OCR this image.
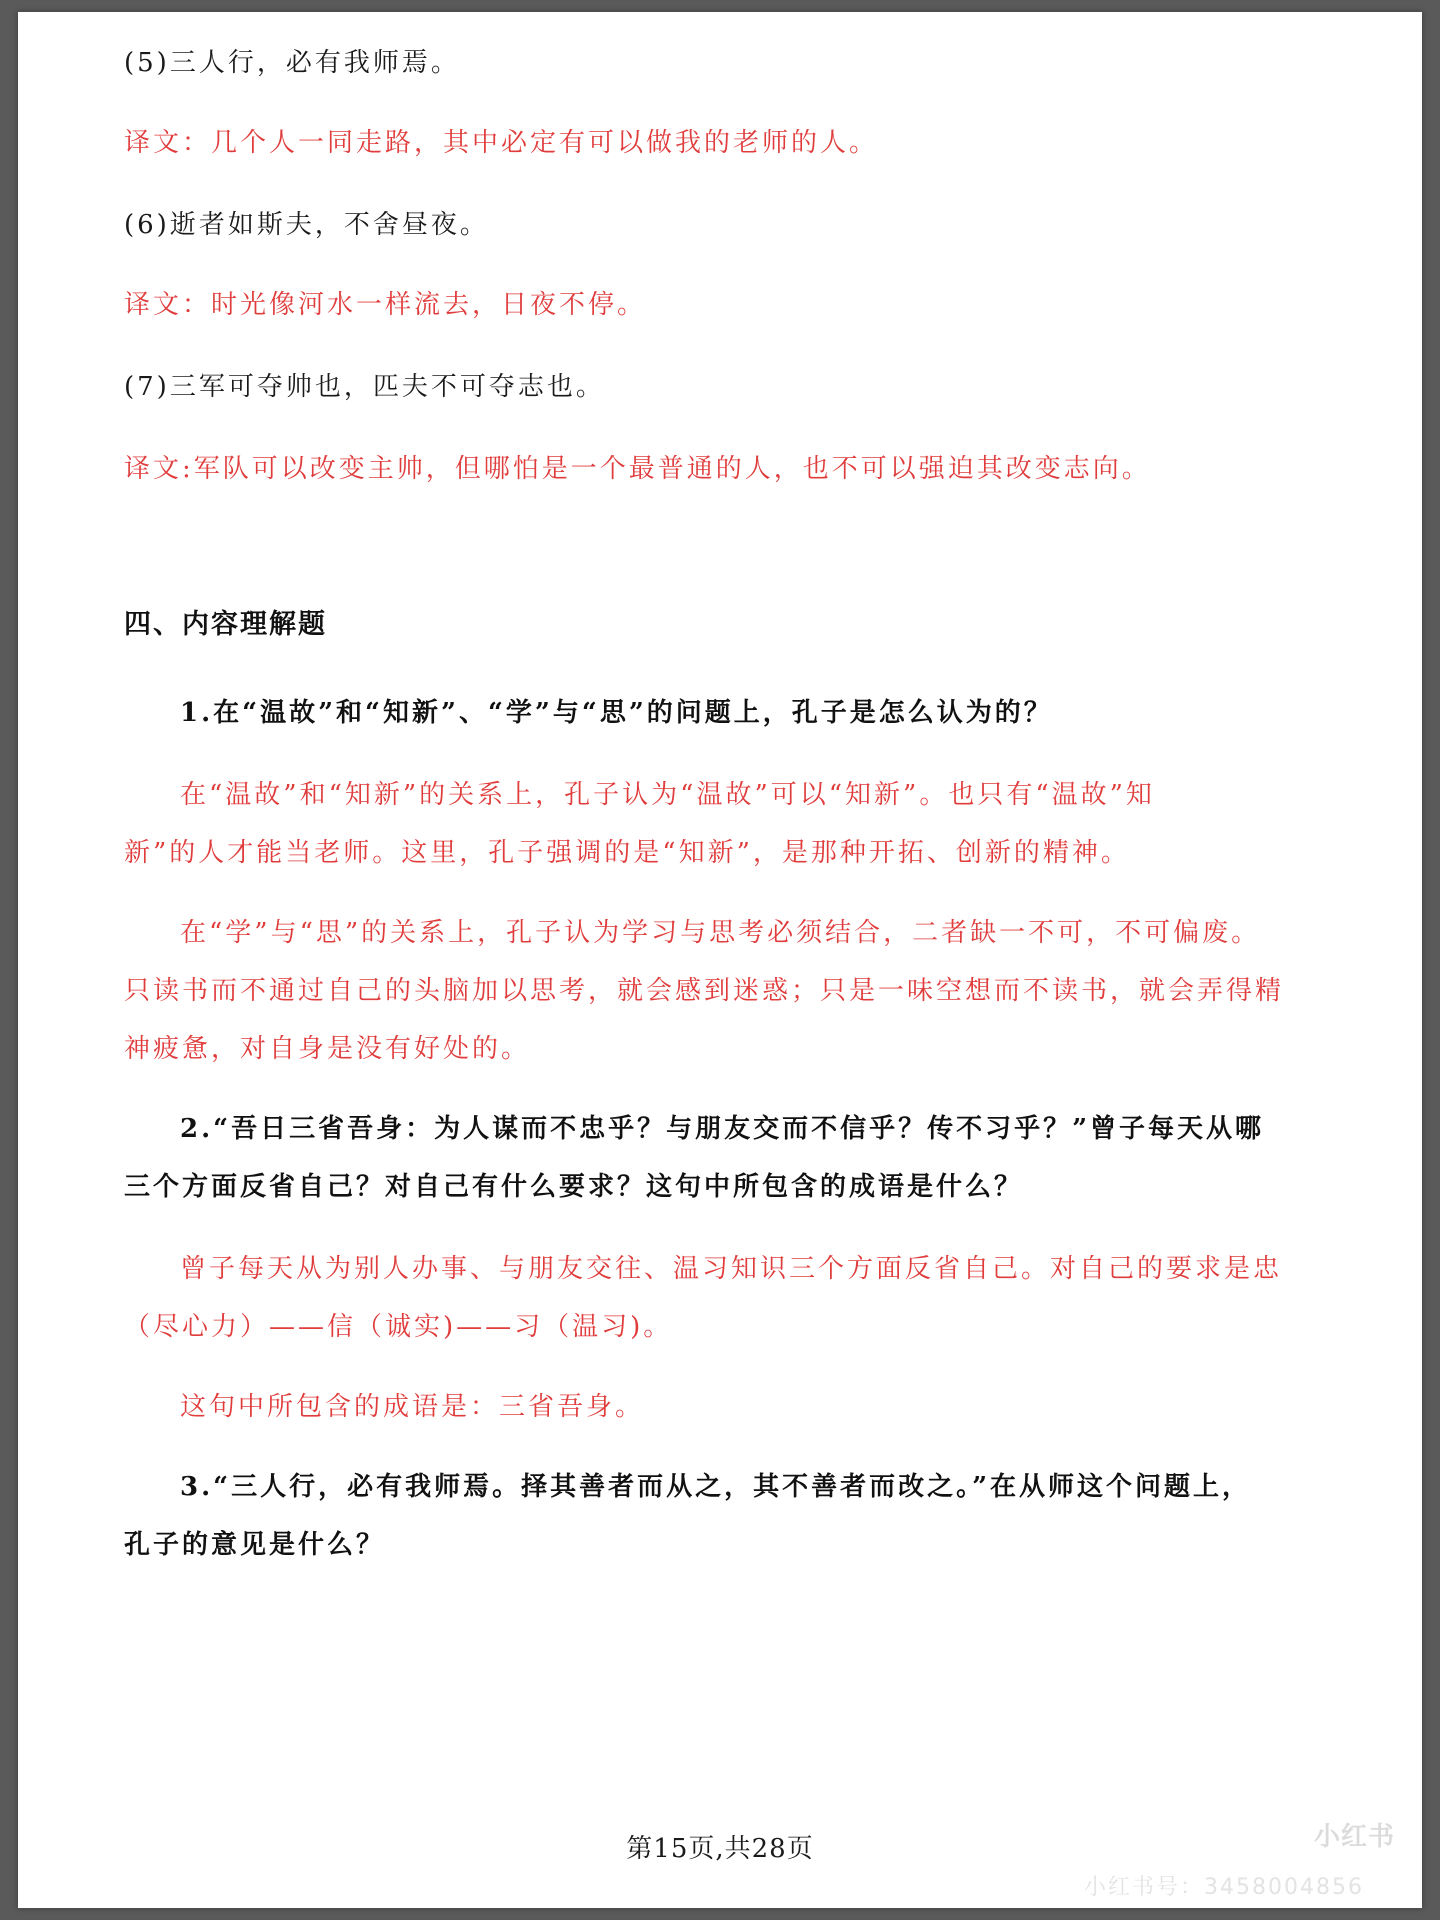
(5)三人行，必有我师焉。
译文：几个人一同走路，其中必定有可以做我的老师的人。
(6)逝者如斯夫，不舍昼夜。
译文：时光像河水一样流去，日夜不停。
(7)三军可夺帅也，匹夫不可夺志也。
译文:军队可以改变主帅，但哪怕是一个最普通的人，也不可以强迫其改变志向。
四、内容理解题
1.在“温故”和“知新”、“学”与“思”的问题上，孔子是怎么认为的？
在“温故”和“知新”的关系上，孔子认为“温故”可以“知新”。也只有“温故”知
新”的人才能当老师。这里，孔子强调的是“知新”，是那种开拓、创新的精神。
在“学”与“思”的关系上，孔子认为学习与思考必须结合，二者缺一不可，不可偏废。
只读书而不通过自己的头脑加以思考，就会感到迷惑；只是一味空想而不读书，就会弄得精
神疲惫，对自身是没有好处的。
2.“吾日三省吾身：为人谋而不忠乎？与朋友交而不信乎？传不习乎？”曾子每天从哪
三个方面反省自己？对自己有什么要求？这句中所包含的成语是什么？
曾子每天从为别人办事、与朋友交往、温习知识三个方面反省自己。对自己的要求是忠
（尽心力）——信（诚实)——习（温习)。
这句中所包含的成语是：三省吾身。
3.“三人行，必有我师焉。择其善者而从之，其不善者而改之。”在从师这个问题上，
孔子的意见是什么？
第15页,共28页	小红书
小红书号：3458004856
